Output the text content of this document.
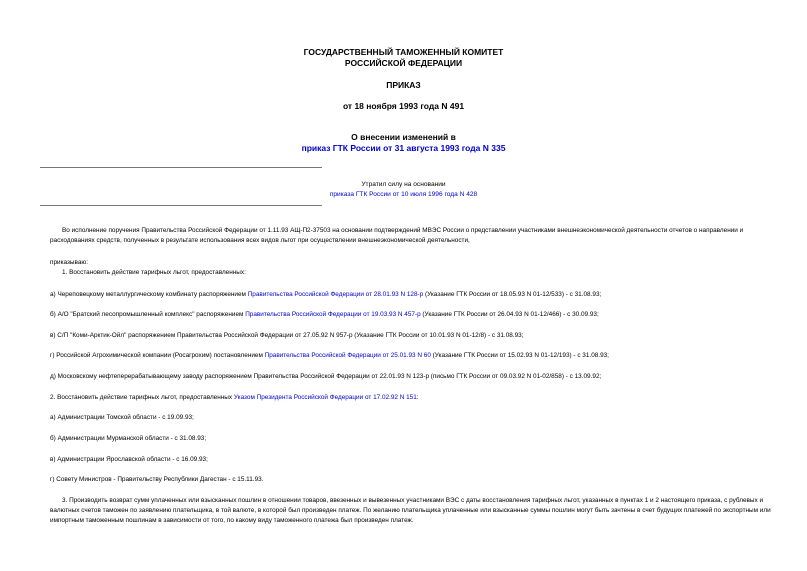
ГОСУДАРСТВЕННЫЙ ТАМОЖЕННЫЙ КОМИТЕТ
РОССИЙСКОЙ ФЕДЕРАЦИИ
ПРИКАЗ
от 18 ноября 1993 года N 491
О внесении изменений в
приказ ГТК России от 31 августа 1993 года N 335
Утратил силу на основании
приказа ГТК России от 10 июля 1996 года N 428
Во исполнение поручения Правительства Российской Федерации от 1.11.93 АЩ-П2-37503 на основании подтверждений МВЭС России о представлении участниками внешнеэкономической деятельности отчетов о направлении и расходованиях средств, полученных в результате использования всех видов льгот при осуществлении внешнеэкономической деятельности,
приказываю:
1. Восстановить действие тарифных льгот, предоставленных:
а) Череповецкому металлургическому комбинату распоряжением Правительства Российской Федерации от 28.01.93 N 128-р (Указание ГТК России от 18.05.93 N 01-12/533) - с 31.08.93;
б) А/О "Братский лесопромышленный комплекс" распоряжением Правительства Российской Федерации от 19.03.93 N 457-р (Указание ГТК России от 26.04.93 N 01-12/466) - с 30.09.93;
в) С/П "Коми-Арктик-Ойл" распоряжением Правительства Российской Федерации от 27.05.92 N 957-р (Указание ГТК России от 10.01.93 N 01-12/8) - с 31.08.93;
г) Российской Агрохимической компании (Росагрохим) постановлением Правительства Российской Федерации от 25.01.93 N 60 (Указание ГТК России от 15.02.93 N 01-12/193) - с 31.08.93;
д) Московскому нефтеперерабатывающему заводу распоряжением Правительства Российской Федерации от 22.01.93 N 123-р (письмо ГТК России от 09.03.92 N 01-02/858) - с 13.09.92;
2. Восстановить действие тарифных льгот, предоставленных Указом Президента Российской Федерации от 17.02.92 N 151:
а) Администрации Томской области - с 19.09.93;
б) Администрации Мурманской области - с 31.08.93;
в) Администрации Ярославской области - с 16.09.93;
г) Совету Министров - Правительству Республики Дагестан - с 15.11.93.
3. Производить возврат сумм уплаченных или взысканных пошлин в отношении товаров, ввезенных и вывезенных участниками ВЭС с даты восстановления тарифных льгот, указанных в пунктах 1 и 2 настоящего приказа, с рублевых и валютных счетов таможен по заявлению плательщика, в той валюте, в которой был произведен платеж. По желанию плательщика уплаченные или взысканные суммы пошлин могут быть зачтены в счет будущих платежей по экспортным или импортным таможенным пошлинам в зависимости от того, по какому виду таможенного платежа был произведен платеж.
